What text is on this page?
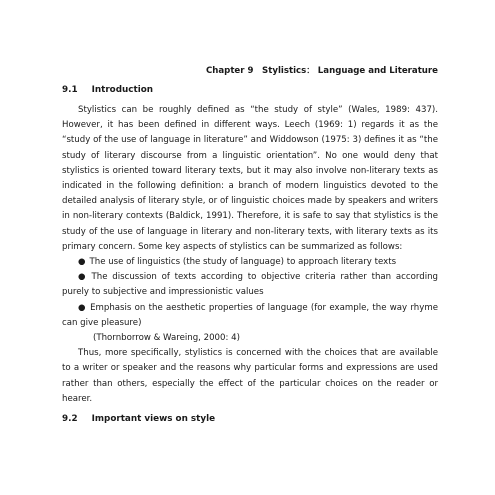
Chapter 9　Stylistics： Language and Literature
9.1 Introduction

Stylistics can be roughly defined as “the study of style” (Wales, 1989: 437). However, it has been defined in different ways. Leech (1969: 1) regards it as the “study of the use of language in literature” and Widdowson (1975: 3) defines it as “the study of literary discourse from a linguistic orientation”. No one would deny that stylistics is oriented toward literary texts, but it may also involve non-literary texts as indicated in the following definition: a branch of modern linguistics devoted to the detailed analysis of literary style, or of linguistic choices made by speakers and writers in non-literary contexts (Baldick, 1991). Therefore, it is safe to say that stylistics is the study of the use of language in literary and non-literary texts, with literary texts as its primary concern. Some key aspects of stylistics can be summarized as follows:

● The use of linguistics (the study of language) to approach literary texts

● The discussion of texts according to objective criteria rather than according purely to subjective and impressionistic values

● Emphasis on the aesthetic properties of language (for example, the way rhyme can give pleasure)

(Thornborrow & Wareing, 2000: 4)

Thus, more specifically, stylistics is concerned with the choices that are available to a writer or speaker and the reasons why particular forms and expressions are used rather than others, especially the effect of the particular choices on the reader or hearer.

9.2 Important views on style
